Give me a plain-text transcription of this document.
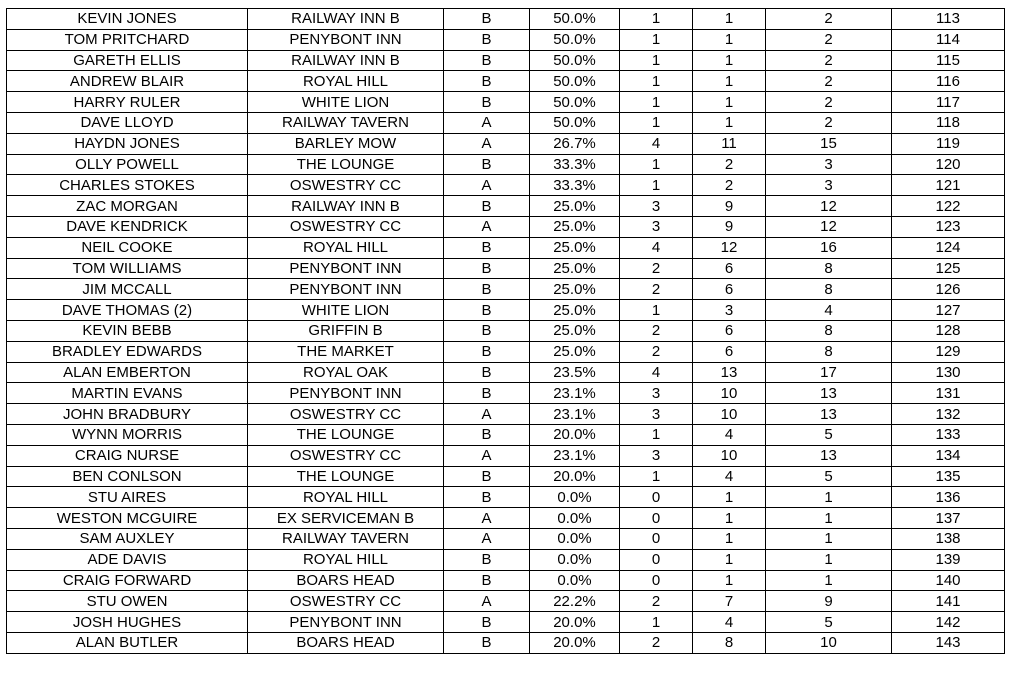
KEVIN JONES	RAILWAY INN B	B	50.0%	1	1	2	113
TOM PRITCHARD	PENYBONT INN	B	50.0%	1	1	2	114
GARETH ELLIS	RAILWAY INN B	B	50.0%	1	1	2	115
ANDREW BLAIR	ROYAL HILL	B	50.0%	1	1	2	116
HARRY RULER	WHITE LION	B	50.0%	1	1	2	117
DAVE LLOYD	RAILWAY TAVERN	A	50.0%	1	1	2	118
HAYDN JONES	BARLEY MOW	A	26.7%	4	11	15	119
OLLY POWELL	THE LOUNGE	B	33.3%	1	2	3	120
CHARLES STOKES	OSWESTRY CC	A	33.3%	1	2	3	121
ZAC MORGAN	RAILWAY INN B	B	25.0%	3	9	12	122
DAVE KENDRICK	OSWESTRY CC	A	25.0%	3	9	12	123
NEIL COOKE	ROYAL HILL	B	25.0%	4	12	16	124
TOM WILLIAMS	PENYBONT INN	B	25.0%	2	6	8	125
JIM MCCALL	PENYBONT INN	B	25.0%	2	6	8	126
DAVE THOMAS (2)	WHITE LION	B	25.0%	1	3	4	127
KEVIN BEBB	GRIFFIN B	B	25.0%	2	6	8	128
BRADLEY EDWARDS	THE MARKET	B	25.0%	2	6	8	129
ALAN EMBERTON	ROYAL OAK	B	23.5%	4	13	17	130
MARTIN EVANS	PENYBONT INN	B	23.1%	3	10	13	131
JOHN BRADBURY	OSWESTRY CC	A	23.1%	3	10	13	132
WYNN MORRIS	THE LOUNGE	B	20.0%	1	4	5	133
CRAIG NURSE	OSWESTRY CC	A	23.1%	3	10	13	134
BEN CONLSON	THE LOUNGE	B	20.0%	1	4	5	135
STU AIRES	ROYAL HILL	B	0.0%	0	1	1	136
WESTON MCGUIRE	EX SERVICEMAN B	A	0.0%	0	1	1	137
SAM AUXLEY	RAILWAY TAVERN	A	0.0%	0	1	1	138
ADE DAVIS	ROYAL HILL	B	0.0%	0	1	1	139
CRAIG FORWARD	BOARS HEAD	B	0.0%	0	1	1	140
STU OWEN	OSWESTRY CC	A	22.2%	2	7	9	141
JOSH HUGHES	PENYBONT INN	B	20.0%	1	4	5	142
ALAN BUTLER	BOARS HEAD	B	20.0%	2	8	10	143
